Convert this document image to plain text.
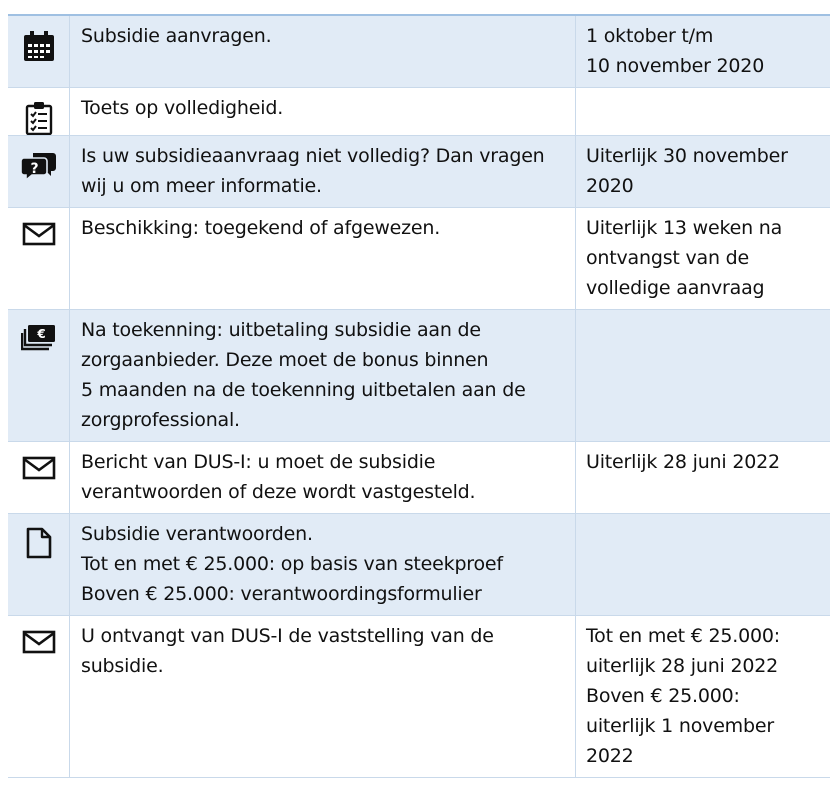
Subsidie aanvragen.	1 oktober t/m
10 november 2020
Toets op volledigheid.
?
Is uw subsidieaanvraag niet volledig? Dan vragen
wij u om meer informatie.
Uiterlijk 30 november
2020
Beschikking: toegekend of afgewezen.	Uiterlijk 13 weken na
ontvangst van de
volledige aanvraag
€ Na toekenning: uitbetaling subsidie aan de
zorgaanbieder. Deze moet de bonus binnen
5 maanden na de toekenning uitbetalen aan de
zorgprofessional.
Bericht van DUS-I: u moet de subsidie
verantwoorden of deze wordt vastgesteld.
Uiterlijk 28 juni 2022
Subsidie verantwoorden.
Tot en met € 25.000: op basis van steekproef
Boven € 25.000: verantwoordingsformulier
U ontvangt van DUS-I de vaststelling van de
subsidie.
Tot en met € 25.000:
uiterlijk 28 juni 2022
Boven € 25.000:
uiterlijk 1 november
2022
